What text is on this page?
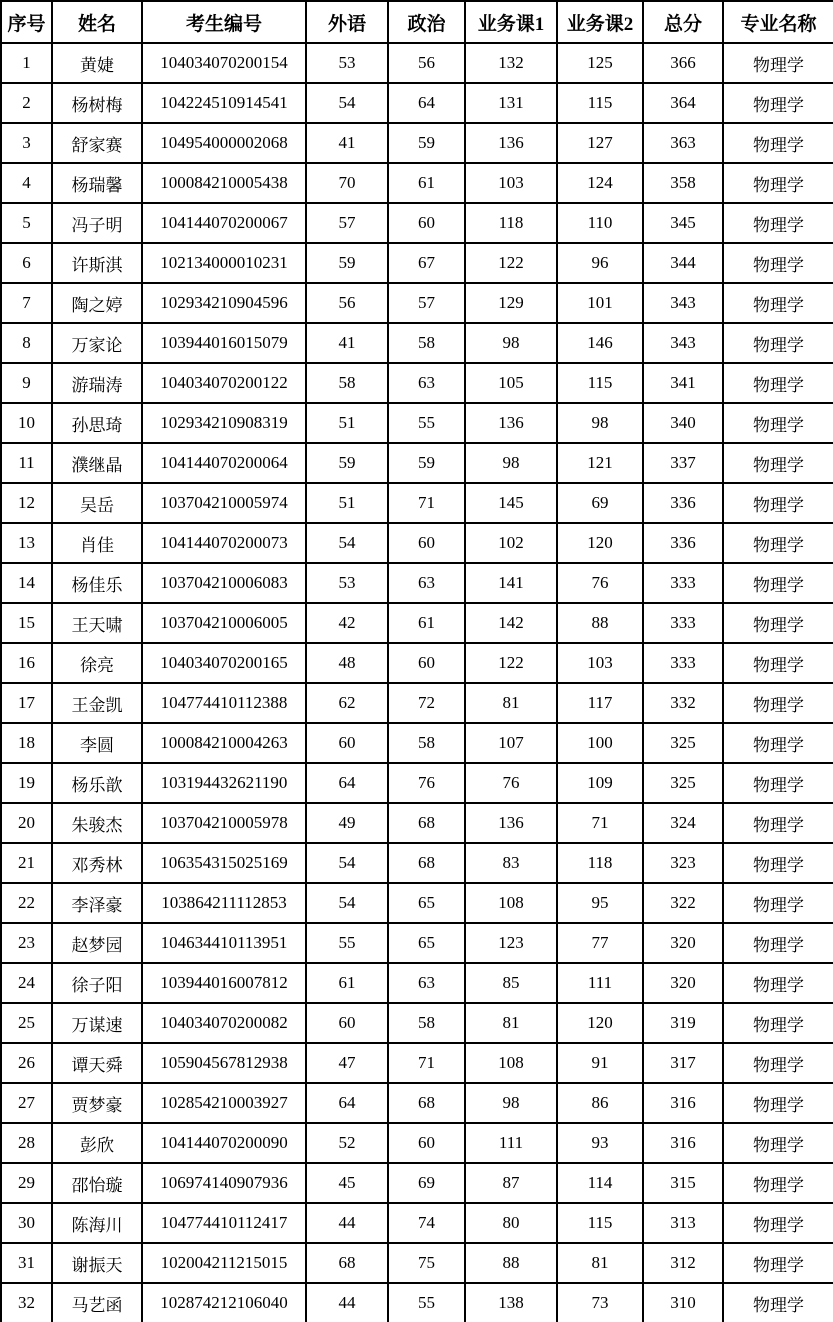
序号	姓名	考生编号	外语	政治	业务课1	业务课2	总分	专业名称
1	黄婕	104034070200154	53	56	132	125	366	物理学
2	杨树梅	104224510914541	54	64	131	115	364	物理学
3	舒家赛	104954000002068	41	59	136	127	363	物理学
4	杨瑞馨	100084210005438	70	61	103	124	358	物理学
5	冯子明	104144070200067	57	60	118	110	345	物理学
6	许斯淇	102134000010231	59	67	122	96	344	物理学
7	陶之婷	102934210904596	56	57	129	101	343	物理学
8	万家论	103944016015079	41	58	98	146	343	物理学
9	游瑞涛	104034070200122	58	63	105	115	341	物理学
10	孙思琦	102934210908319	51	55	136	98	340	物理学
11	濮继晶	104144070200064	59	59	98	121	337	物理学
12	吴岳	103704210005974	51	71	145	69	336	物理学
13	肖佳	104144070200073	54	60	102	120	336	物理学
14	杨佳乐	103704210006083	53	63	141	76	333	物理学
15	王天啸	103704210006005	42	61	142	88	333	物理学
16	徐亮	104034070200165	48	60	122	103	333	物理学
17	王金凯	104774410112388	62	72	81	117	332	物理学
18	李圆	100084210004263	60	58	107	100	325	物理学
19	杨乐歆	103194432621190	64	76	76	109	325	物理学
20	朱骏杰	103704210005978	49	68	136	71	324	物理学
21	邓秀林	106354315025169	54	68	83	118	323	物理学
22	李泽豪	103864211112853	54	65	108	95	322	物理学
23	赵梦园	104634410113951	55	65	123	77	320	物理学
24	徐子阳	103944016007812	61	63	85	111	320	物理学
25	万谋速	104034070200082	60	58	81	120	319	物理学
26	谭天舜	105904567812938	47	71	108	91	317	物理学
27	贾梦豪	102854210003927	64	68	98	86	316	物理学
28	彭欣	104144070200090	52	60	111	93	316	物理学
29	邵怡璇	106974140907936	45	69	87	114	315	物理学
30	陈海川	104774410112417	44	74	80	115	313	物理学
31	谢振天	102004211215015	68	75	88	81	312	物理学
32	马艺函	102874212106040	44	55	138	73	310	物理学
